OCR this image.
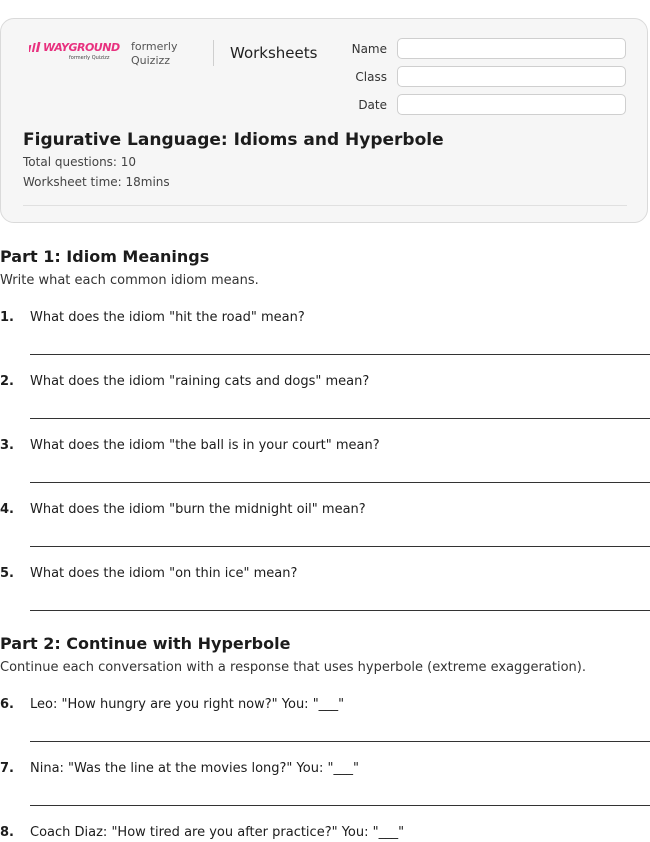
WAYGROUND
formerly Quizizz
formerly Quizizz	Worksheets	Name
Class
Date
Figurative Language: Idioms and Hyperbole
Total questions: 10
Worksheet time: 18mins
Part 1: Idiom Meanings
Write what each common idiom means.
1. What does the idiom "hit the road" mean?
2. What does the idiom "raining cats and dogs" mean?
3. What does the idiom "the ball is in your court" mean?
4. What does the idiom "burn the midnight oil" mean?
5. What does the idiom "on thin ice" mean?
Part 2: Continue with Hyperbole
Continue each conversation with a response that uses hyperbole (extreme exaggeration).
6. Leo: "How hungry are you right now?" You: "___"
7. Nina: "Was the line at the movies long?" You: "___"
8. Coach Diaz: "How tired are you after practice?" You: "___"
